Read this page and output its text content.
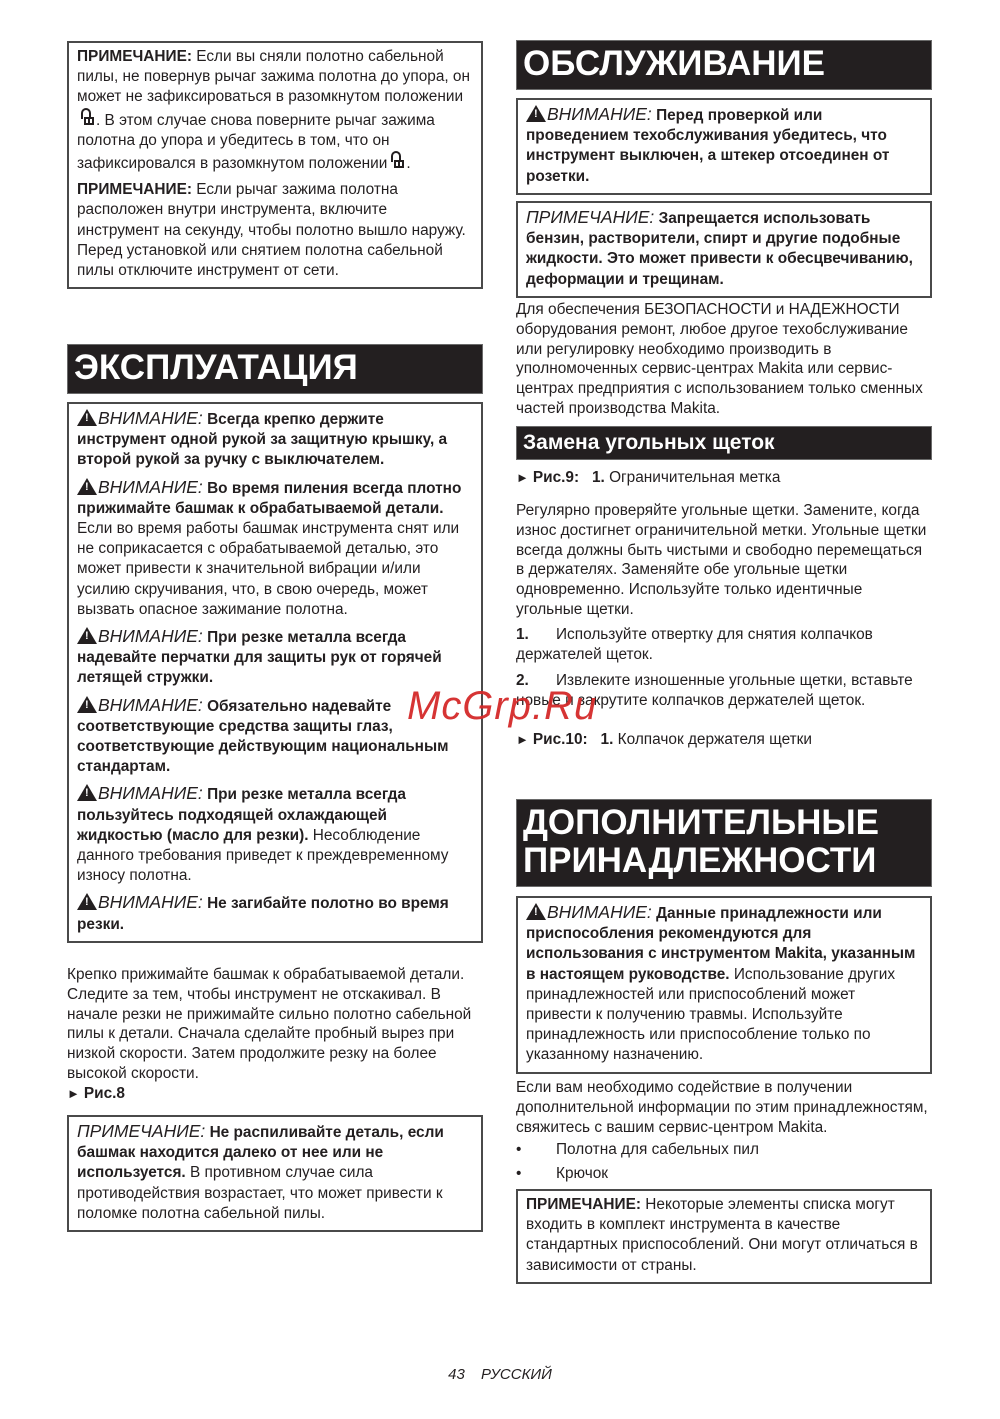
ПРИМЕЧАНИЕ: Если вы сняли полотно сабельной пилы, не повернув рычаг зажима полотна до упора, он может не зафиксироваться в разомкнутом положении
. В этом случае снова поверните рычаг зажима полотна до упора и убедитесь в том, что он зафиксировался в разомкнутом положении .

ПРИМЕЧАНИЕ: Если рычаг зажима полотна расположен внутри инструмента, включите инструмент на секунду, чтобы полотно вышло наружу. Перед установкой или снятием полотна сабельной пилы отключите инструмент от сети.

ЭКСПЛУАТАЦИЯ

!ВНИМАНИЕ: Всегда крепко держите инструмент одной рукой за защитную крышку, а второй рукой за ручку с выключателем.

!ВНИМАНИЕ: Во время пиления всегда плотно прижимайте башмак к обрабатываемой детали. Если во время работы башмак инструмента снят или не соприкасается с обрабатываемой деталью, это может привести к значительной вибрации и/или усилию скручивания, что, в свою очередь, может вызвать опасное зажимание полотна.

!ВНИМАНИЕ: При резке металла всегда надевайте перчатки для защиты рук от горячей летящей стружки.

!ВНИМАНИЕ: Обязательно надевайте соответствующие средства защиты глаз, соответствующие действующим национальным стандартам.

!ВНИМАНИЕ: При резке металла всегда пользуйтесь подходящей охлаждающей жидкостью (масло для резки). Несоблюдение данного требования приведет к преждевременному износу полотна.

!ВНИМАНИЕ: Не загибайте полотно во время резки.

Крепко прижимайте башмак к обрабатываемой детали. Следите за тем, чтобы инструмент не отскакивал. В начале резки не прижимайте сильно полотно сабельной пилы к детали. Сначала сделайте пробный вырез при низкой скорости. Затем продолжите резку на более высокой скорости.

► Рис.8

ПРИМЕЧАНИЕ: Не распиливайте деталь, если башмак находится далеко от нее или не используется. В противном случае сила противодействия возрастает, что может привести к поломке полотна сабельной пилы.

ОБСЛУЖИВАНИЕ

!ВНИМАНИЕ: Перед проверкой или проведением техобслуживания убедитесь, что инструмент выключен, а штекер отсоединен от розетки.

ПРИМЕЧАНИЕ: Запрещается использовать бензин, растворители, спирт и другие подобные жидкости. Это может привести к обесцвечиванию, деформации и трещинам.

Для обеспечения БЕЗОПАСНОСТИ и НАДЕЖНОСТИ оборудования ремонт, любое другое техобслуживание или регулировку необходимо производить в уполномоченных сервис-центрах Makita или сервис-центрах предприятия с использованием только сменных частей производства Makita.

Замена угольных щеток

► Рис.9: 1. Ограничительная метка

Регулярно проверяйте угольные щетки. Замените, когда износ достигнет ограничительной метки. Угольные щетки всегда должны быть чистыми и свободно перемещаться в держателях. Заменяйте обе угольные щетки одновременно. Используйте только идентичные угольные щетки.

1. Используйте отвертку для снятия колпачков держателей щеток.
2. Извлеките изношенные угольные щетки, вставьте новые и закрутите колпачков держателей щеток.

► Рис.10: 1. Колпачок держателя щетки

ДОПОЛНИТЕЛЬНЫЕ
ПРИНАДЛЕЖНОСТИ

!ВНИМАНИЕ: Данные принадлежности или приспособления рекомендуются для использования с инструментом Makita, указанным в настоящем руководстве. Использование других принадлежностей или приспособлений может привести к получению травмы. Используйте принадлежность или приспособление только по указанному назначению.

Если вам необходимо содействие в получении дополнительной информации по этим принадлежностям, свяжитесь с вашим сервис-центром Makita.

• Полотна для сабельных пил
• Крючок

ПРИМЕЧАНИЕ: Некоторые элементы списка могут входить в комплект инструмента в качестве стандартных приспособлений. Они могут отличаться в зависимости от страны.

McGrp.Ru
43 РУССКИЙ
